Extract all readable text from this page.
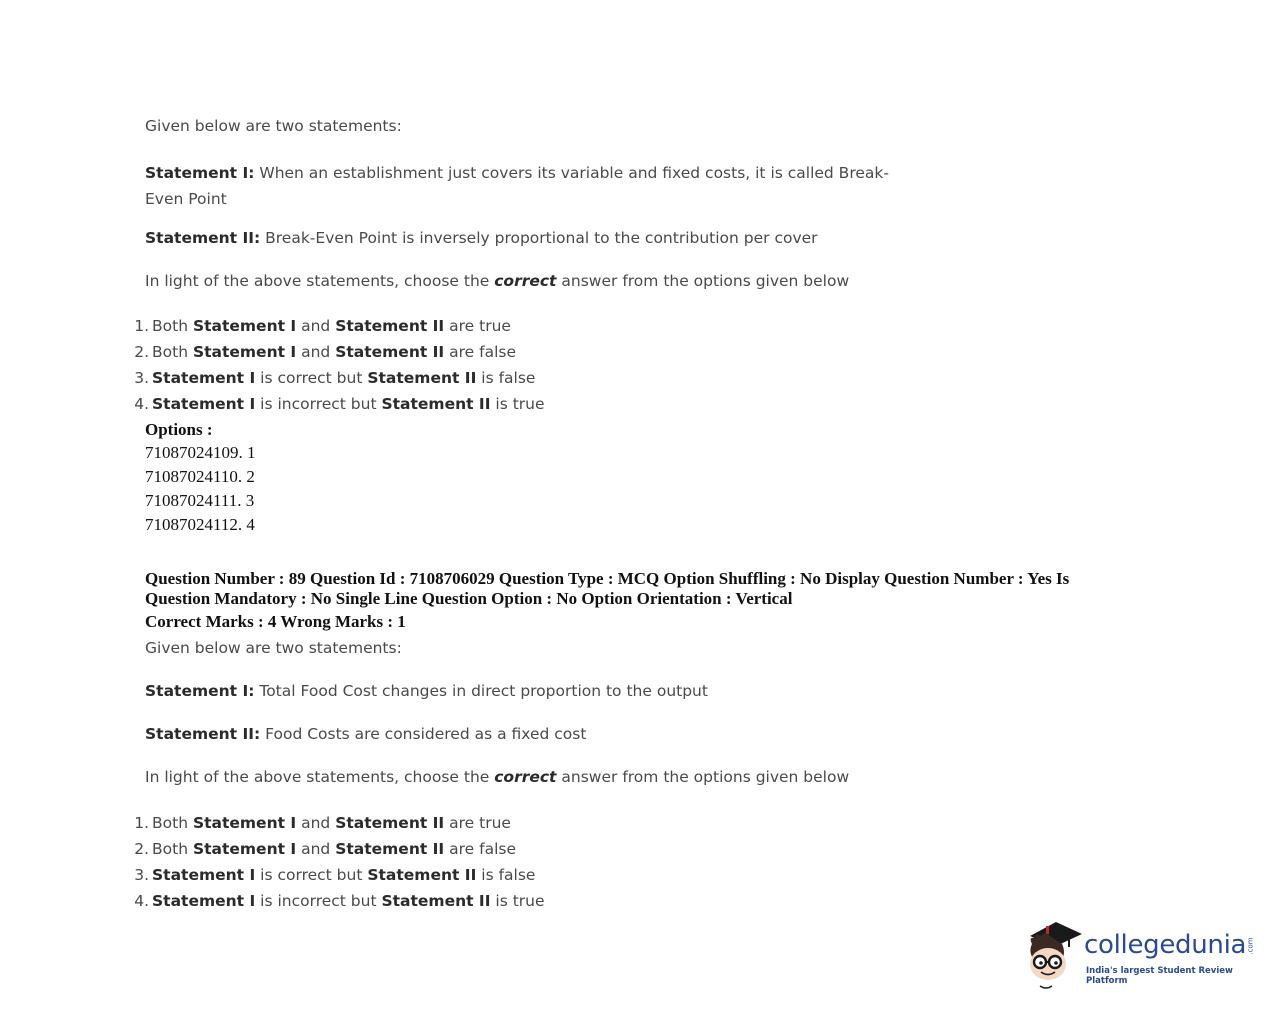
Given below are two statements:

Statement I: When an establishment just covers its variable and fixed costs, it is called Break-
Even Point

Statement II: Break-Even Point is inversely proportional to the contribution per cover

In light of the above statements, choose the correct answer from the options given below

1. Both Statement I and Statement II are true
2. Both Statement I and Statement II are false
3. Statement I is correct but Statement II is false
4. Statement I is incorrect but Statement II is true

Options :

71087024109. 1
71087024110. 2
71087024111. 3
71087024112. 4
Question Number : 89 Question Id : 7108706029 Question Type : MCQ Option Shuffling : No Display Question Number : Yes Is
Question Mandatory : No Single Line Question Option : No Option Orientation : Vertical

Correct Marks : 4 Wrong Marks : 1

Given below are two statements:

Statement I: Total Food Cost changes in direct proportion to the output

Statement II: Food Costs are considered as a fixed cost

In light of the above statements, choose the correct answer from the options given below

1. Both Statement I and Statement II are true
2. Both Statement I and Statement II are false
3. Statement I is correct but Statement II is false
4. Statement I is incorrect but Statement II is true
collegedunia .com
India's largest Student Review Platform
